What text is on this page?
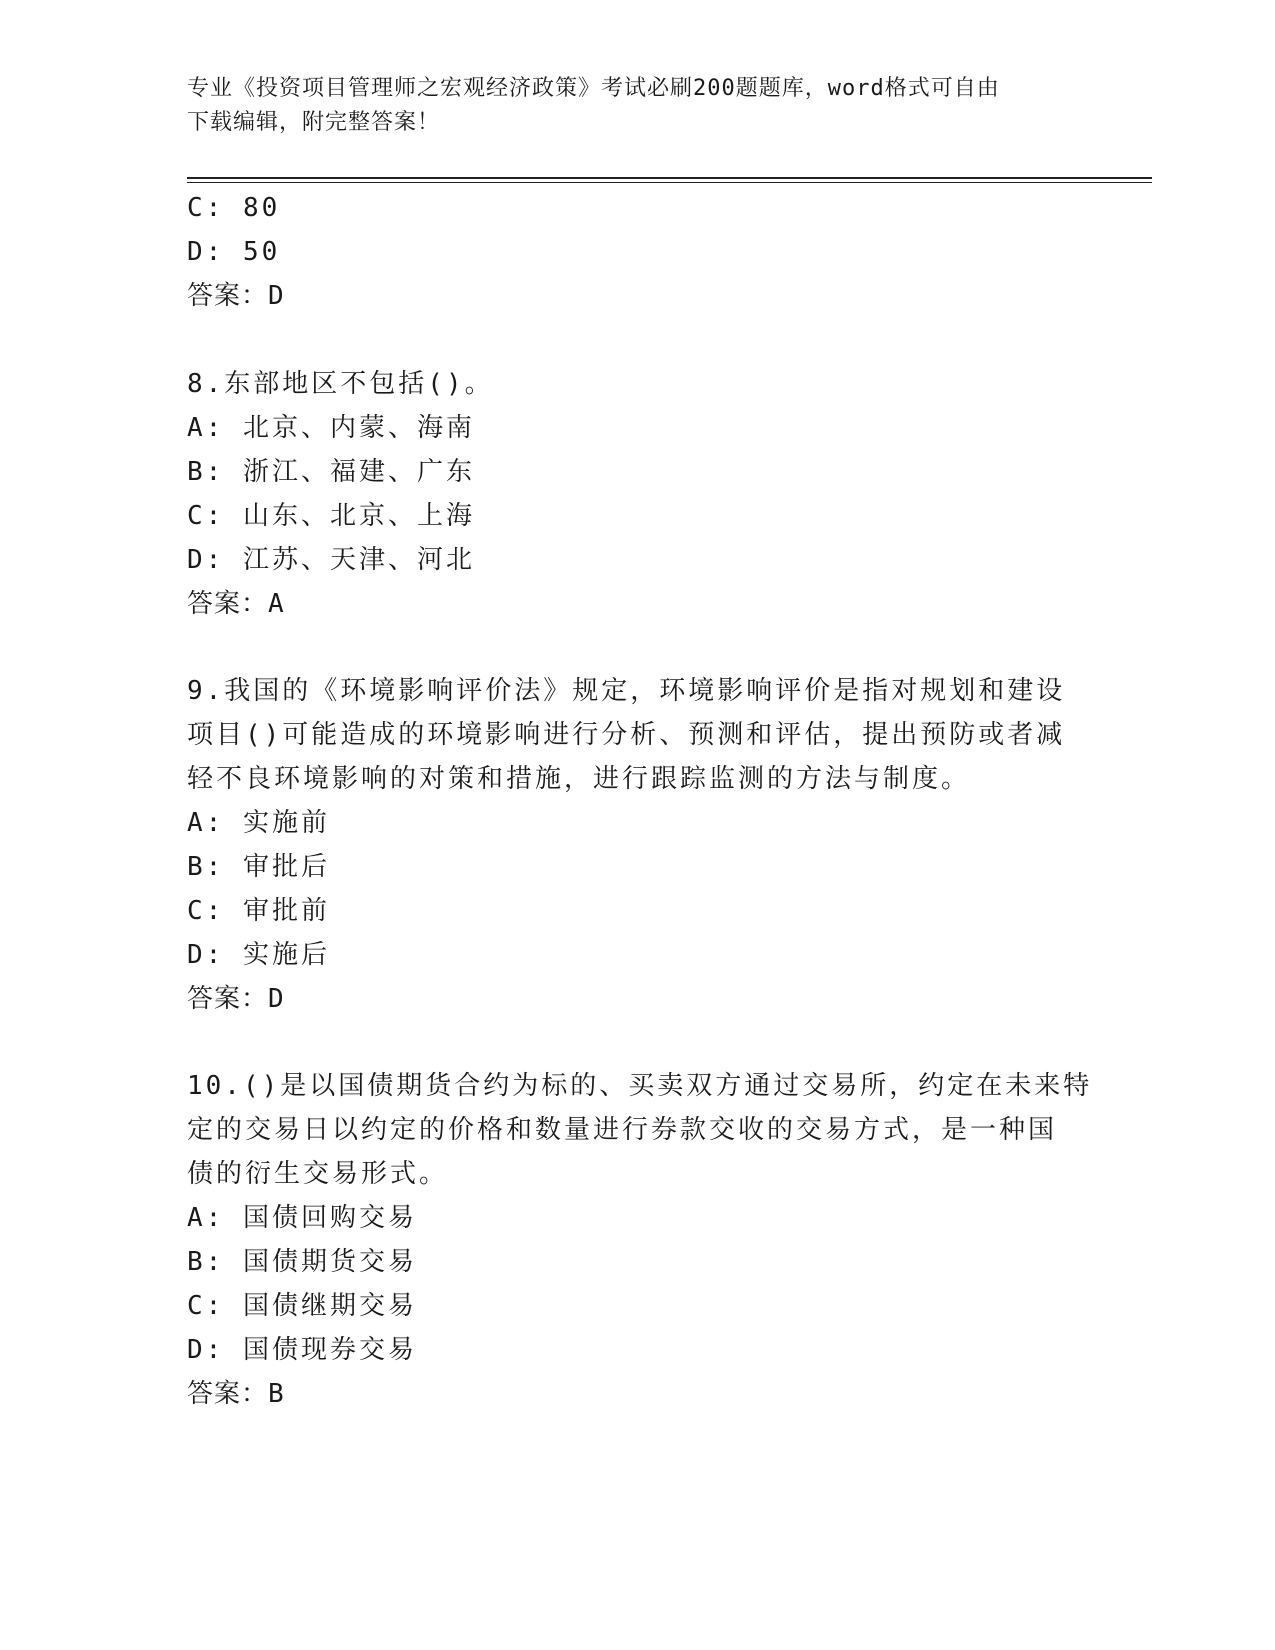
专业《投资项目管理师之宏观经济政策》考试必刷200题题库，word格式可自由
下载编辑，附完整答案！
C: 80
D: 50
答案：D
8.东部地区不包括()。
A: 北京、内蒙、海南
B: 浙江、福建、广东
C: 山东、北京、上海
D: 江苏、天津、河北
答案：A
9.我国的《环境影响评价法》规定，环境影响评价是指对规划和建设
项目()可能造成的环境影响进行分析、预测和评估，提出预防或者减
轻不良环境影响的对策和措施，进行跟踪监测的方法与制度。
A: 实施前
B: 审批后
C: 审批前
D: 实施后
答案：D
10.()是以国债期货合约为标的、买卖双方通过交易所，约定在未来特
定的交易日以约定的价格和数量进行券款交收的交易方式，是一种国
债的衍生交易形式。
A: 国债回购交易
B: 国债期货交易
C: 国债继期交易
D: 国债现券交易
答案：B
